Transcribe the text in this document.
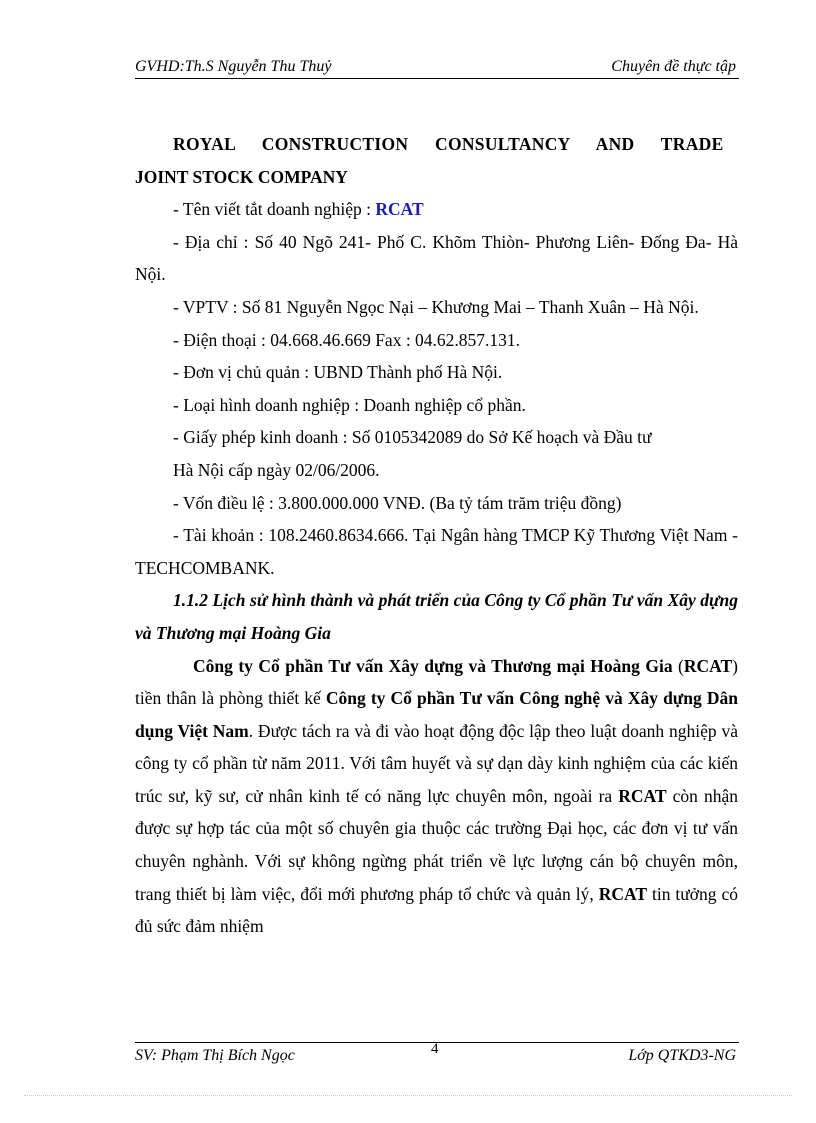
GVHD:Th.S Nguyễn Thu Thuỷ	Chuyên đề thực tập

ROYAL CONSTRUCTION CONSULTANCY AND TRADE

JOINT STOCK COMPANY

- Tên viết tắt doanh nghiệp : RCAT

- Địa chỉ : Số 40 Ngõ 241- Phố C. Khõm Thiòn- Phương Liên- Đống Đa- Hà Nội.

- VPTV : Số 81 Nguyễn Ngọc Nại – Khương Mai – Thanh Xuân – Hà Nội.

- Điện thoại : 04.668.46.669 Fax : 04.62.857.131.

- Đơn vị chủ quản : UBND Thành phố Hà Nội.

- Loại hình doanh nghiệp : Doanh nghiệp cổ phần.

- Giấy phép kinh doanh : Số 0105342089 do Sở Kế hoạch và Đầu tư

Hà Nội cấp ngày 02/06/2006.

- Vốn điều lệ : 3.800.000.000 VNĐ. (Ba tỷ tám trăm triệu đồng)

- Tài khoản : 108.2460.8634.666. Tại Ngân hàng TMCP Kỹ Thương Việt Nam - TECHCOMBANK.

1.1.2 Lịch sử hình thành và phát triển của Công ty Cổ phần Tư vấn Xây dựng và Thương mại Hoàng Gia

Công ty Cổ phần Tư vấn Xây dựng và Thương mại Hoàng Gia (RCAT) tiền thân là phòng thiết kế Công ty Cổ phần Tư vấn Công nghệ và Xây dựng Dân dụng Việt Nam. Được tách ra và đi vào hoạt động độc lập theo luật doanh nghiệp và công ty cổ phần từ năm 2011. Với tâm huyết và sự dạn dày kinh nghiệm của các kiến trúc sư, kỹ sư, cử nhân kinh tế có năng lực chuyên môn, ngoài ra RCAT còn nhận được sự hợp tác của một số chuyên gia thuộc các trường Đại học, các đơn vị tư vấn chuyên nghành. Với sự không ngừng phát triển về lực lượng cán bộ chuyên môn, trang thiết bị làm việc, đổi mới phương pháp tổ chức và quản lý, RCAT tin tưởng có đủ sức đảm nhiệm

SV: Phạm Thị Bích Ngọc	4	Lớp QTKD3-NG
